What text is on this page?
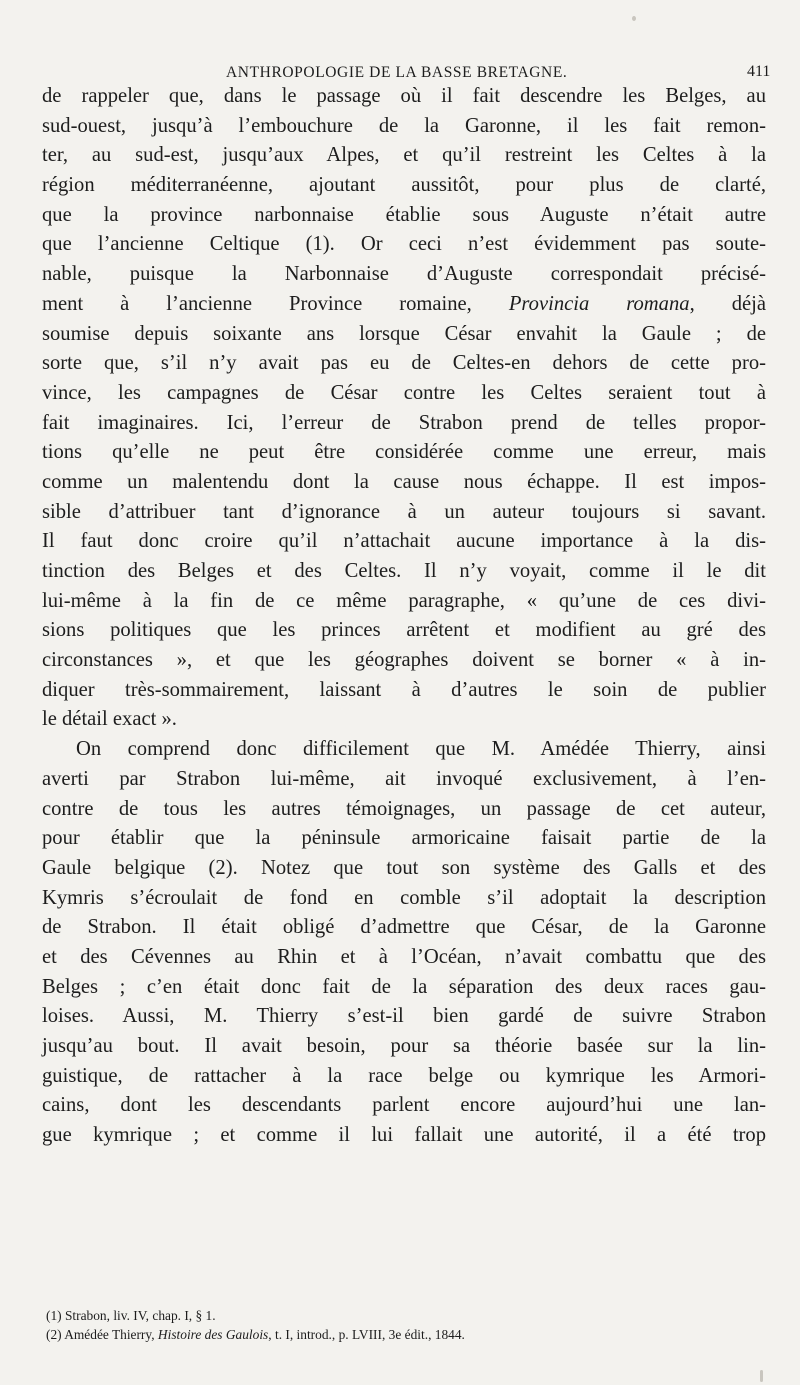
ANTHROPOLOGIE DE LA BASSE BRETAGNE.	411
de rappeler que, dans le passage où il fait descendre les Belges, au
sud-ouest, jusqu’à l’embouchure de la Garonne, il les fait remon-
ter, au sud-est, jusqu’aux Alpes, et qu’il restreint les Celtes à la
région méditerranéenne, ajoutant aussitôt, pour plus de clarté,
que la province narbonnaise établie sous Auguste n’était autre
que l’ancienne Celtique (1). Or ceci n’est évidemment pas soute-
nable, puisque la Narbonnaise d’Auguste correspondait précisé-
ment à l’ancienne Province romaine, Provincia romana, déjà
soumise depuis soixante ans lorsque César envahit la Gaule ; de
sorte que, s’il n’y avait pas eu de Celtes-en dehors de cette pro-
vince, les campagnes de César contre les Celtes seraient tout à
fait imaginaires. Ici, l’erreur de Strabon prend de telles propor-
tions qu’elle ne peut être considérée comme une erreur, mais
comme un malentendu dont la cause nous échappe. Il est impos-
sible d’attribuer tant d’ignorance à un auteur toujours si savant.
Il faut donc croire qu’il n’attachait aucune importance à la dis-
tinction des Belges et des Celtes. Il n’y voyait, comme il le dit
lui-même à la fin de ce même paragraphe, « qu’une de ces divi-
sions politiques que les princes arrêtent et modifient au gré des
circonstances », et que les géographes doivent se borner « à in-
diquer très-sommairement, laissant à d’autres le soin de publier
le détail exact ».
On comprend donc difficilement que M. Amédée Thierry, ainsi
averti par Strabon lui-même, ait invoqué exclusivement, à l’en-
contre de tous les autres témoignages, un passage de cet auteur,
pour établir que la péninsule armoricaine faisait partie de la
Gaule belgique (2). Notez que tout son système des Galls et des
Kymris s’écroulait de fond en comble s’il adoptait la description
de Strabon. Il était obligé d’admettre que César, de la Garonne
et des Cévennes au Rhin et à l’Océan, n’avait combattu que des
Belges ; c’en était donc fait de la séparation des deux races gau-
loises. Aussi, M. Thierry s’est-il bien gardé de suivre Strabon
jusqu’au bout. Il avait besoin, pour sa théorie basée sur la lin-
guistique, de rattacher à la race belge ou kymrique les Armori-
cains, dont les descendants parlent encore aujourd’hui une lan-
gue kymrique ; et comme il lui fallait une autorité, il a été trop
(1) Strabon, liv. IV, chap. I, § 1.
(2) Amédée Thierry, Histoire des Gaulois, t. I, introd., p. LVIII, 3e édit., 1844.
